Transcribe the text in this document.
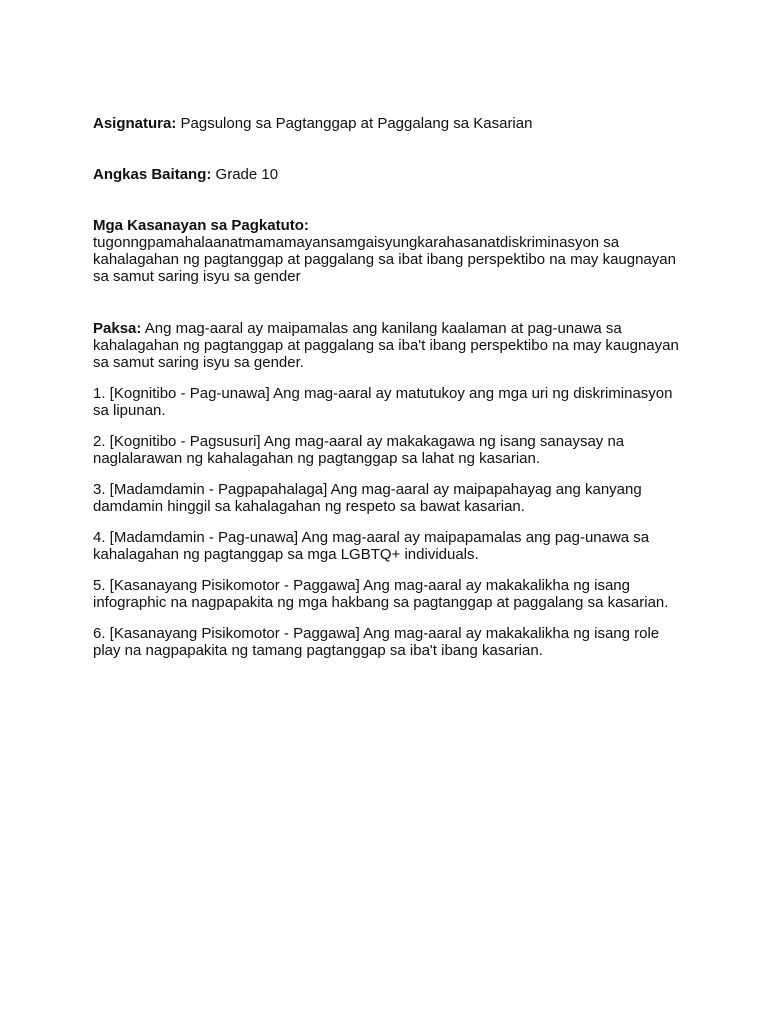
Asignatura: Pagsulong sa Pagtanggap at Paggalang sa Kasarian

Angkas Baitang: Grade 10

Mga Kasanayan sa Pagkatuto:
tugonngpamahalaanatmamamayansamgaisyungkarahasanatdiskriminasyon sa kahalagahan ng pagtanggap at paggalang sa ibat ibang perspektibo na may kaugnayan sa samut saring isyu sa gender

Paksa: Ang mag-aaral ay maipamalas ang kanilang kaalaman at pag-unawa sa kahalagahan ng pagtanggap at paggalang sa iba't ibang perspektibo na may kaugnayan sa samut saring isyu sa gender.

1. [Kognitibo - Pag-unawa] Ang mag-aaral ay matutukoy ang mga uri ng diskriminasyon sa lipunan.
2. [Kognitibo - Pagsusuri] Ang mag-aaral ay makakagawa ng isang sanaysay na naglalarawan ng kahalagahan ng pagtanggap sa lahat ng kasarian.
3. [Madamdamin - Pagpapahalaga] Ang mag-aaral ay maipapahayag ang kanyang damdamin hinggil sa kahalagahan ng respeto sa bawat kasarian.
4. [Madamdamin - Pag-unawa] Ang mag-aaral ay maipapamalas ang pag-unawa sa kahalagahan ng pagtanggap sa mga LGBTQ+ individuals.
5. [Kasanayang Pisikomotor - Paggawa] Ang mag-aaral ay makakalikha ng isang infographic na nagpapakita ng mga hakbang sa pagtanggap at paggalang sa kasarian.
6. [Kasanayang Pisikomotor - Paggawa] Ang mag-aaral ay makakalikha ng isang role play na nagpapakita ng tamang pagtanggap sa iba't ibang kasarian.
